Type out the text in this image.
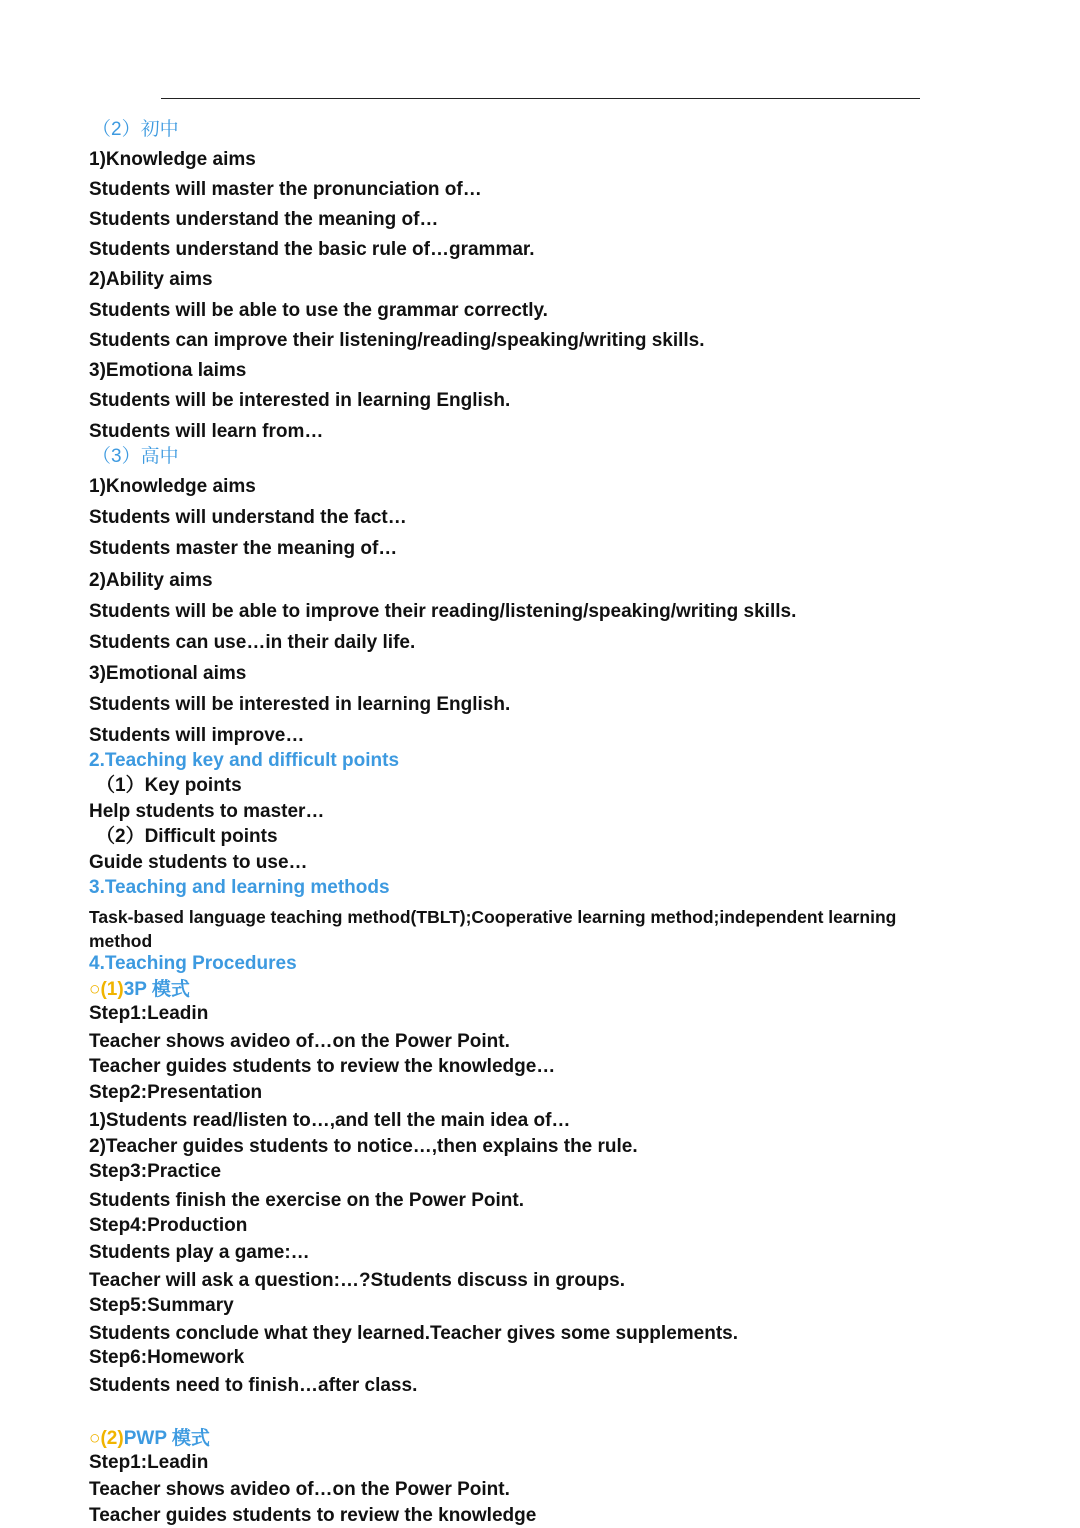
（2）初中
1)Knowledge aims
Students will master the pronunciation of…
Students understand the meaning of…
Students understand the basic rule of…grammar.
2)Ability aims
Students will be able to use the grammar correctly.
Students can improve their listening/reading/speaking/writing skills.
3)Emotiona laims
Students will be interested in learning English.
Students will learn from…
（3）高中
1)Knowledge aims
Students will understand the fact…
Students master the meaning of…
2)Ability aims
Students will be able to improve their reading/listening/speaking/writing skills.
Students can use…in their daily life.
3)Emotional aims
Students will be interested in learning English.
Students will improve…
2.Teaching key and difficult points
（1）Key points
Help students to master…
（2）Difficult points
Guide students to use…
3.Teaching and learning methods
Task-based language teaching method(TBLT);Cooperative learning method;independent learning
method
4.Teaching Procedures
○(1)3P 模式
Step1:Leadin
Teacher shows avideo of…on the Power Point.
Teacher guides students to review the knowledge…
Step2:Presentation
1)Students read/listen to…,and tell the main idea of…
2)Teacher guides students to notice…,then explains the rule.
Step3:Practice
Students finish the exercise on the Power Point.
Step4:Production
Students play a game:…
Teacher will ask a question:…?Students discuss in groups.
Step5:Summary
Students conclude what they learned.Teacher gives some supplements.
Step6:Homework
Students need to finish…after class.
○(2)PWP 模式
Step1:Leadin
Teacher shows avideo of…on the Power Point.
Teacher guides students to review the knowledge
